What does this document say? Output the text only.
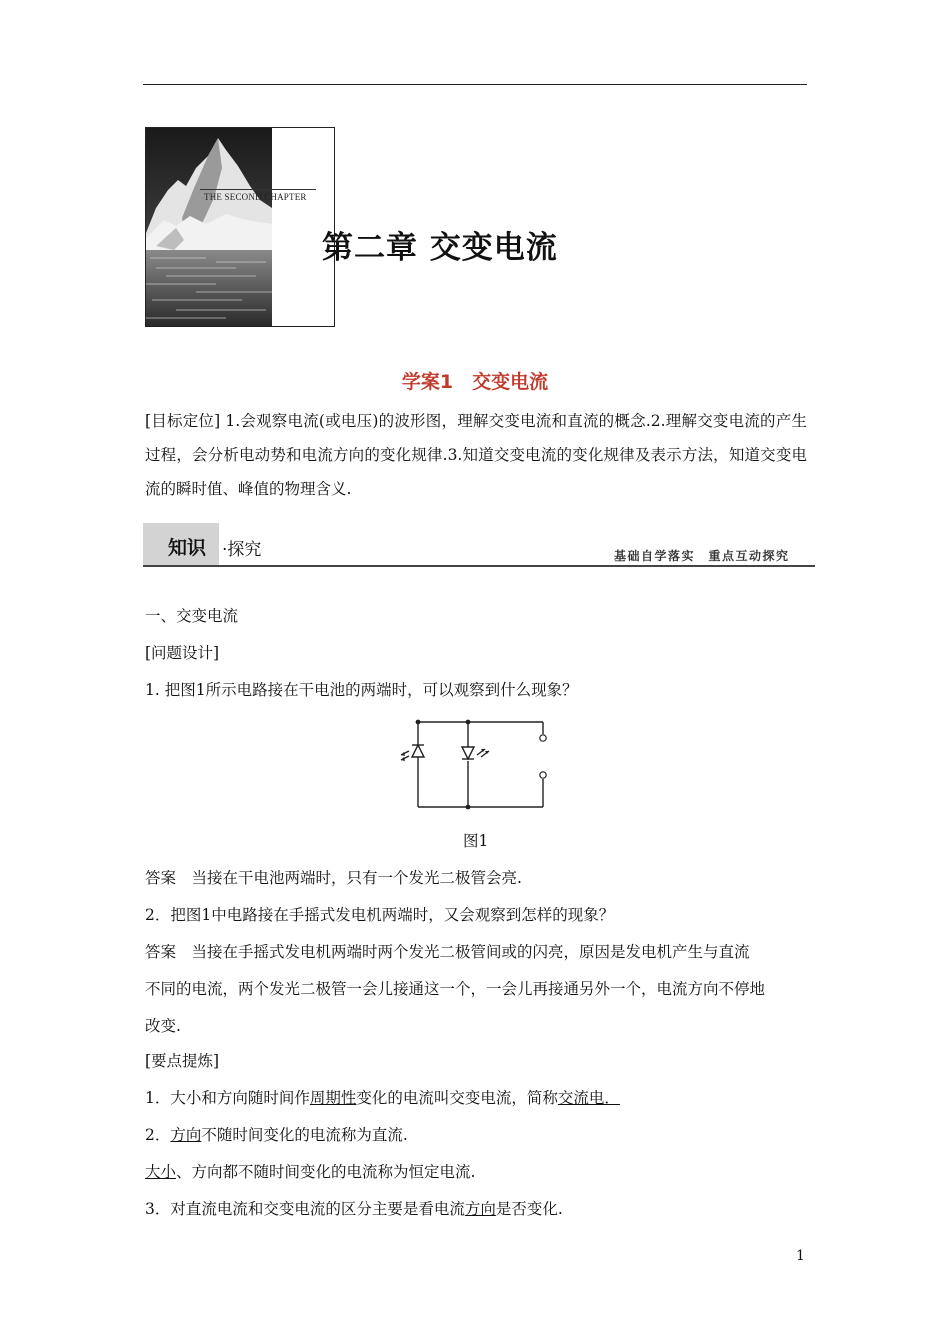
THE SECOND CHAPTER
第二章 交变电流
学案1　交变电流
[目标定位] 1.会观察电流(或电压)的波形图，理解交变电流和直流的概念.2.理解交变电流的产生过程，会分析电动势和电流方向的变化规律.3.知道交变电流的变化规律及表示方法，知道交变电流的瞬时值、峰值的物理含义.
知识 ·探究	基础自学落实　重点互动探究
一、交变电流
[问题设计]
1. 把图1所示电路接在干电池的两端时，可以观察到什么现象？
图1
答案　当接在干电池两端时，只有一个发光二极管会亮.
2．把图1中电路接在手摇式发电机两端时，又会观察到怎样的现象？
答案　当接在手摇式发电机两端时两个发光二极管间或的闪亮，原因是发电机产生与直流
不同的电流，两个发光二极管一会儿接通这一个，一会儿再接通另外一个，电流方向不停地
改变.
[要点提炼]
1．大小和方向随时间作周期性变化的电流叫交变电流，简称交流电．
2．方向不随时间变化的电流称为直流.
大小、方向都不随时间变化的电流称为恒定电流.
3．对直流电流和交变电流的区分主要是看电流方向是否变化.
1
